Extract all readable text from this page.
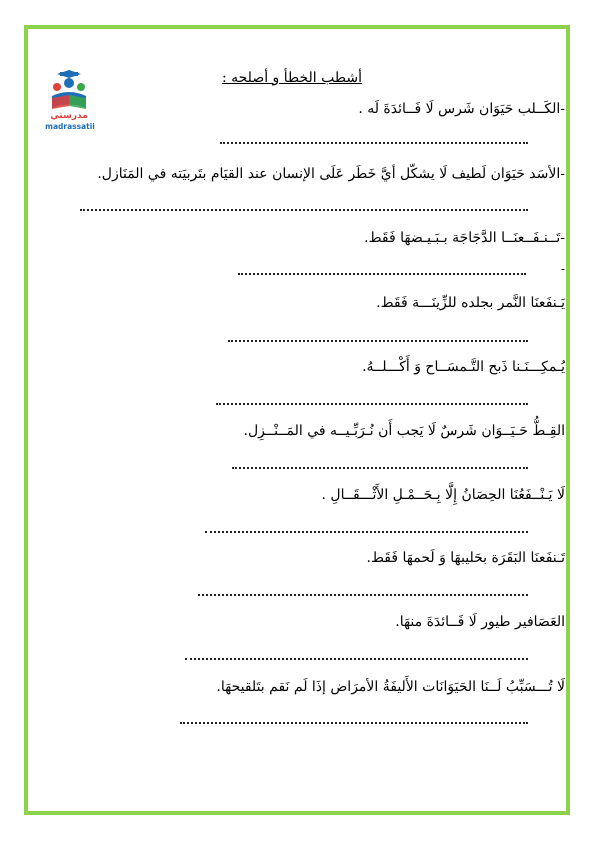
مدرستي
madrassatii
أشطب الخطأ و أصلحه :
-الكَــلب حَيَوَان شَرس لَا فَــائدَةَ لَه .
-الأسَد حَيَوَان لَطيف لَا يشكّل أيَّ خَطَر عَلَى الإنسان عند القيَام بتَربيَته في المَنَازل.
-تَــنـفَــعنَــا الدَّجَاجَة بـبَـيـضهَا فَقَط.
-
يَـنفَعنَا النَّمر بجلده للزِّينَـــة فَقَط.
يُـمكِـــنَـنا ذَبح التَّـمسَــاح وَ أَكْـــلــهُ.
القِـطُّ حَـيَــوَان شَرسٌ لَا يَجب أَن نُـرَبِّـيــه في المَــنْــزِل.
لَا يَـنْــفَعُنَا الحِصَانُ إِلَّا بِـحَــمْـلِ الأَثْـــقَــالِ .
تَـنفَعنَا البَقَرَة بحَليبهَا وَ لَحمهَا فَقَط.
العَصَافير طيور لَا فَــائدَةَ منهَا.
لَا تُـــسَبِّبُ لَــنَا الحَيَوَانَات الأَليفَةُ الأمرَاض إذَا لَم نَقم بتَلقيحهَا.
